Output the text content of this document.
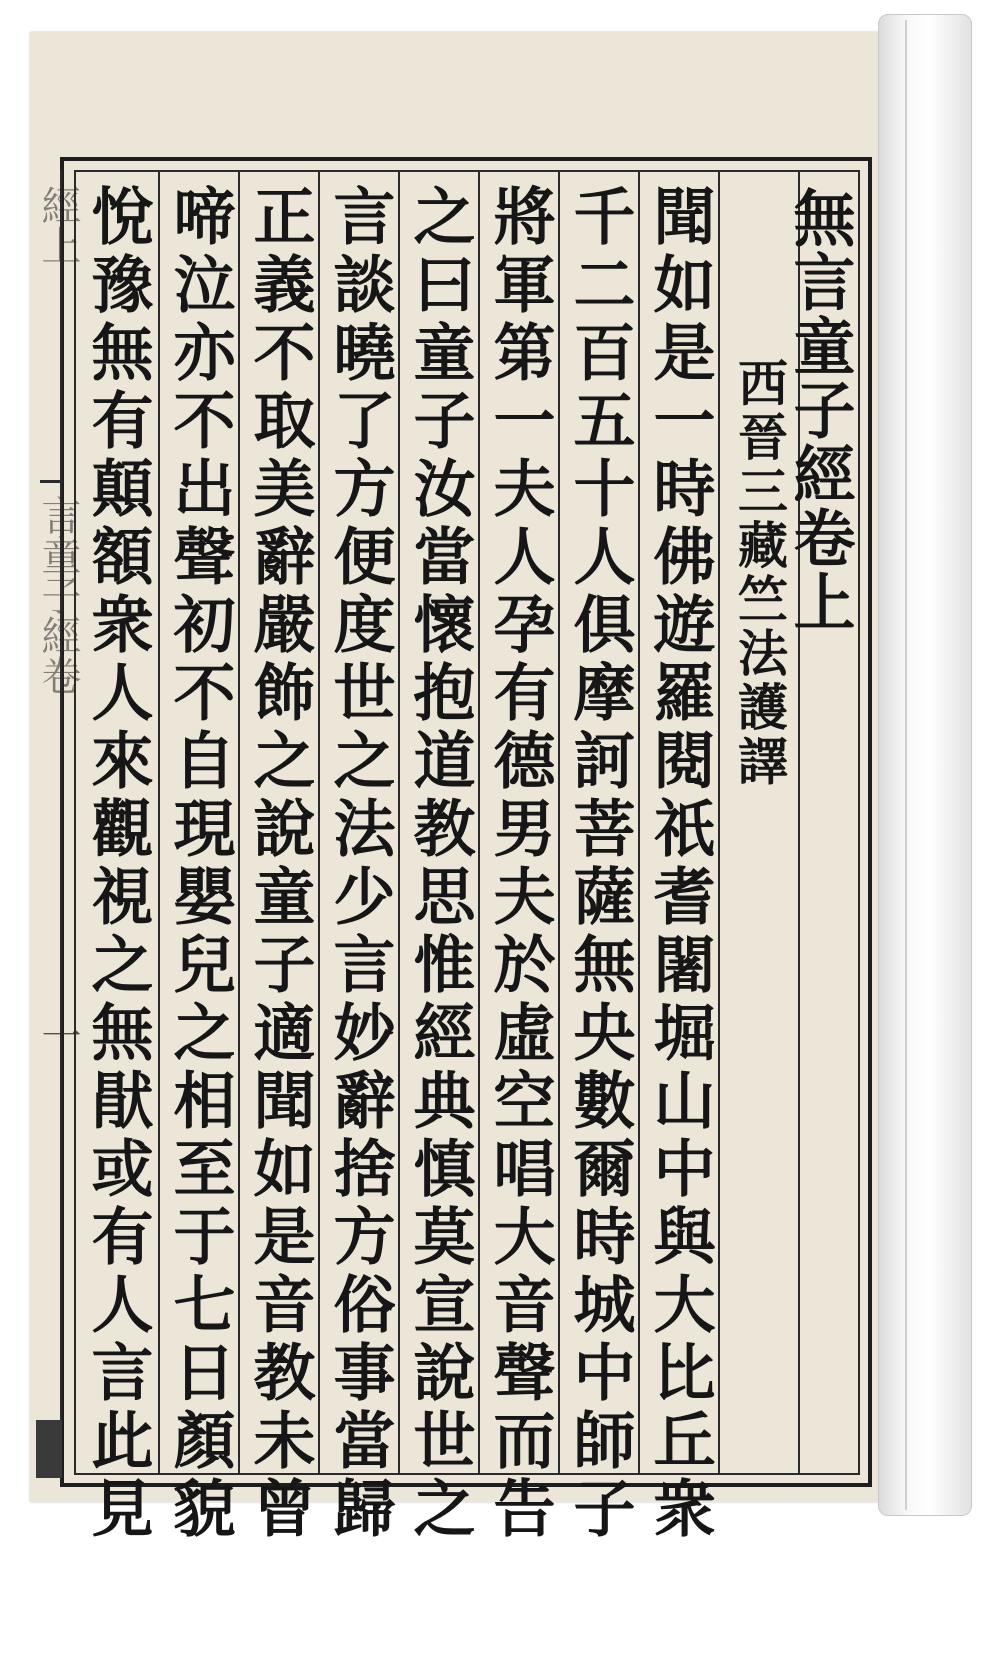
經上
言童子經卷
一
無言童子經卷上
西晉三藏竺法護譯
聞如是一時佛遊羅閱祇耆闍堀山中與大比丘衆
千二百五十人俱摩訶菩薩無央數爾時城中師子
將軍第一夫人孕有德男夫於虛空唱大音聲而告
之曰童子汝當懷抱道教思惟經典慎莫宣說世之
言談曉了方便度世之法少言妙辭捨方俗事當歸
正義不取美辭嚴飾之說童子適聞如是音教未曾
啼泣亦不出聲初不自現嬰兒之相至于七日顏貌
悅豫無有顛額衆人來觀視之無猒或有人言此見
